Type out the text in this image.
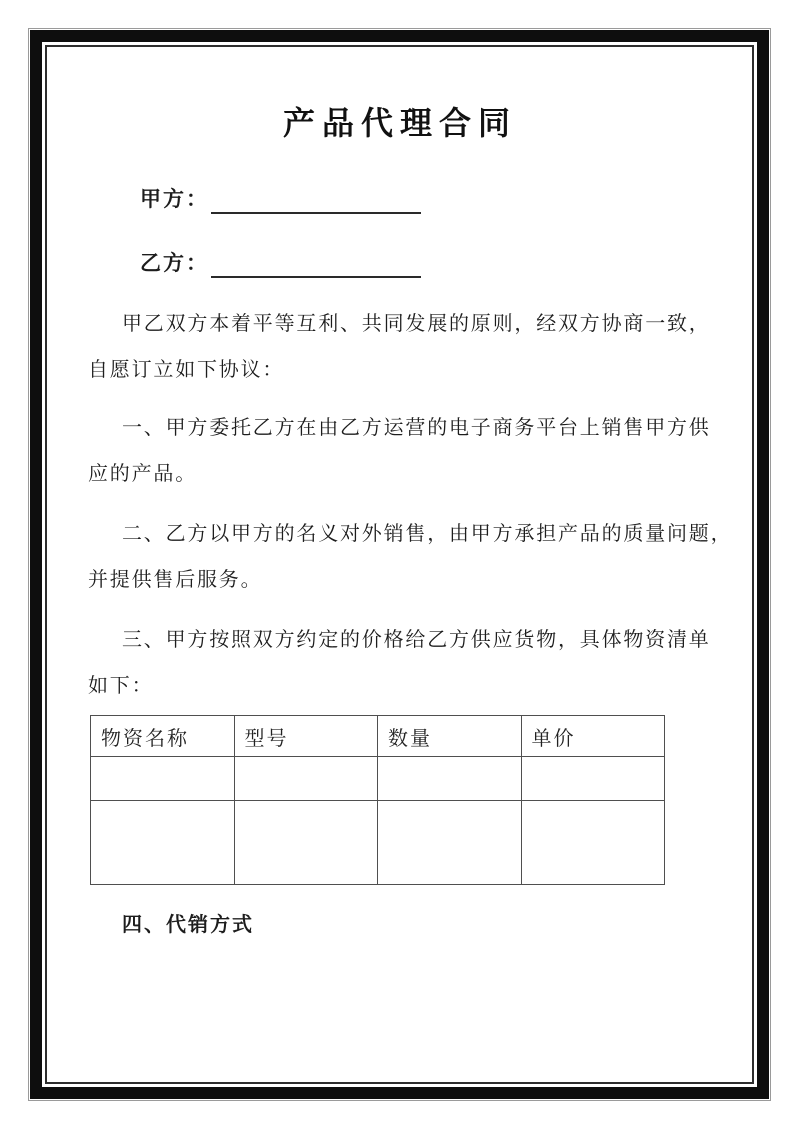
产品代理合同
甲方：
乙方：
甲乙双方本着平等互利、共同发展的原则，经双方协商一致，
自愿订立如下协议：
一、甲方委托乙方在由乙方运营的电子商务平台上销售甲方供
应的产品。
二、乙方以甲方的名义对外销售，由甲方承担产品的质量问题，
并提供售后服务。
三、甲方按照双方约定的价格给乙方供应货物，具体物资清单
如下：
物资名称	型号	数量	单价

四、代销方式
